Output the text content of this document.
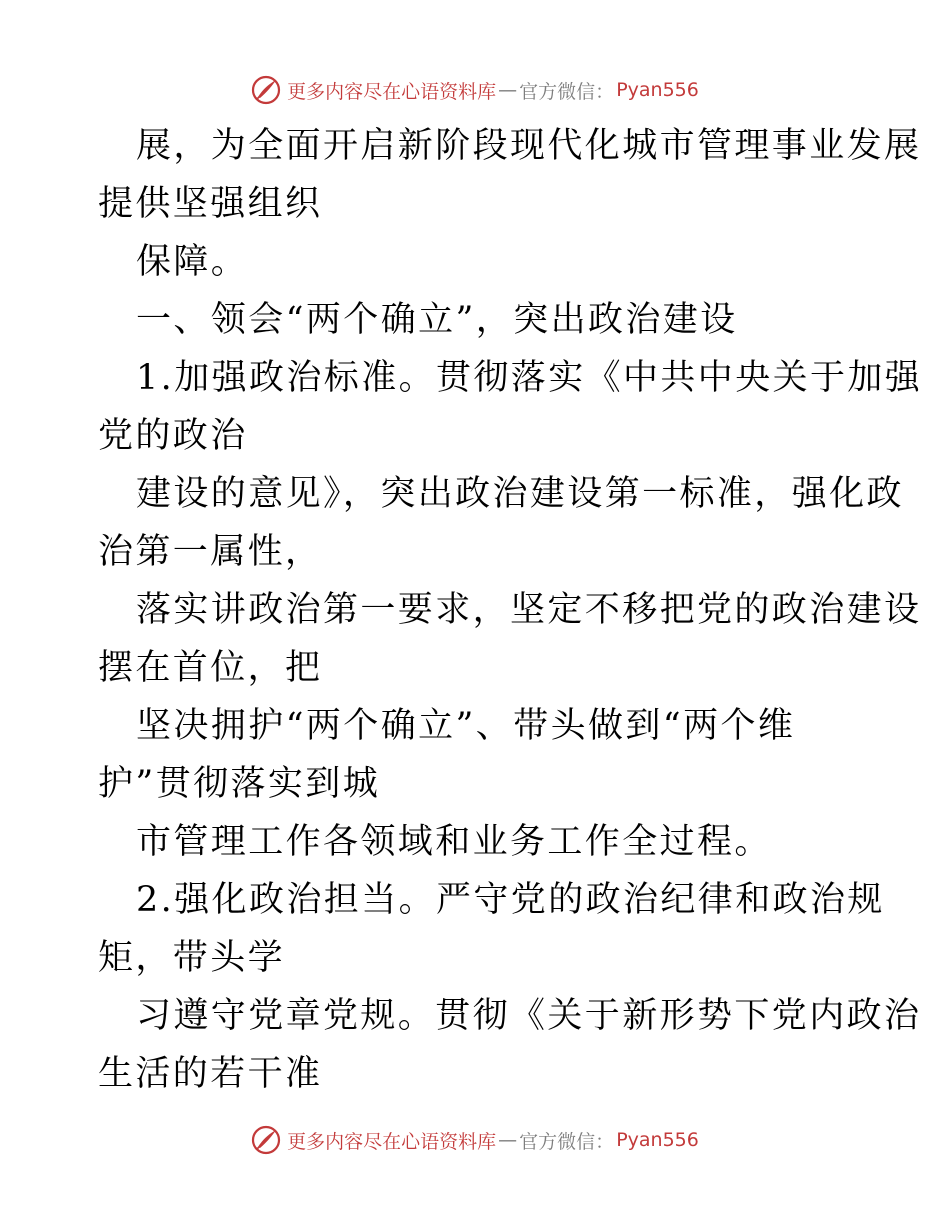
更多内容尽在心语资料库 — 官方微信： Pyan556
展，为全面开启新阶段现代化城市管理事业发展
提供坚强组织
保障。
一、领会“两个确立”，突出政治建设
1.加强政治标准。贯彻落实《中共中央关于加强
党的政治
建设的意见》，突出政治建设第一标准，强化政
治第一属性，
落实讲政治第一要求，坚定不移把党的政治建设
摆在首位，把
坚决拥护“两个确立”、带头做到“两个维
护”贯彻落实到城
市管理工作各领域和业务工作全过程。
2.强化政治担当。严守党的政治纪律和政治规
矩，带头学
习遵守党章党规。贯彻《关于新形势下党内政治
生活的若干准
更多内容尽在心语资料库 — 官方微信： Pyan556
